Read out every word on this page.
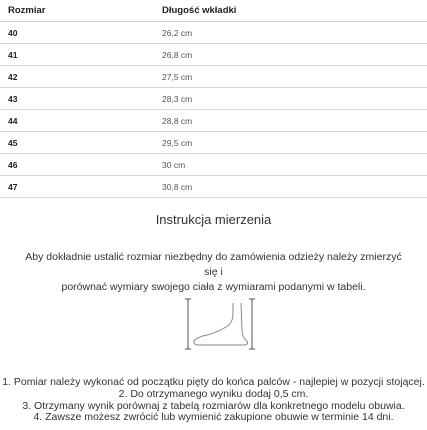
Rozmiar	Długość wkładki
40	26,2 cm
41	26,8 cm
42	27,5 cm
43	28,3 cm
44	28,8 cm
45	29,5 cm
46	30 cm
47	30,8 cm
Instrukcja mierzenia
Aby dokładnie ustalić rozmiar niezbędny do zamówienia odzieży należy zmierzyć się i
porównać wymiary swojego ciała z wymiarami podanymi w tabeli.
1. Pomiar należy wykonać od początku pięty do końca palców - najlepiej w pozycji stojącej.
2. Do otrzymanego wyniku dodaj 0,5 cm.
3. Otrzymany wynik porównaj z tabelą rozmiarów dla konkretnego modelu obuwia.
4. Zawsze możesz zwrócić lub wymienić zakupione obuwie w terminie 14 dni.
